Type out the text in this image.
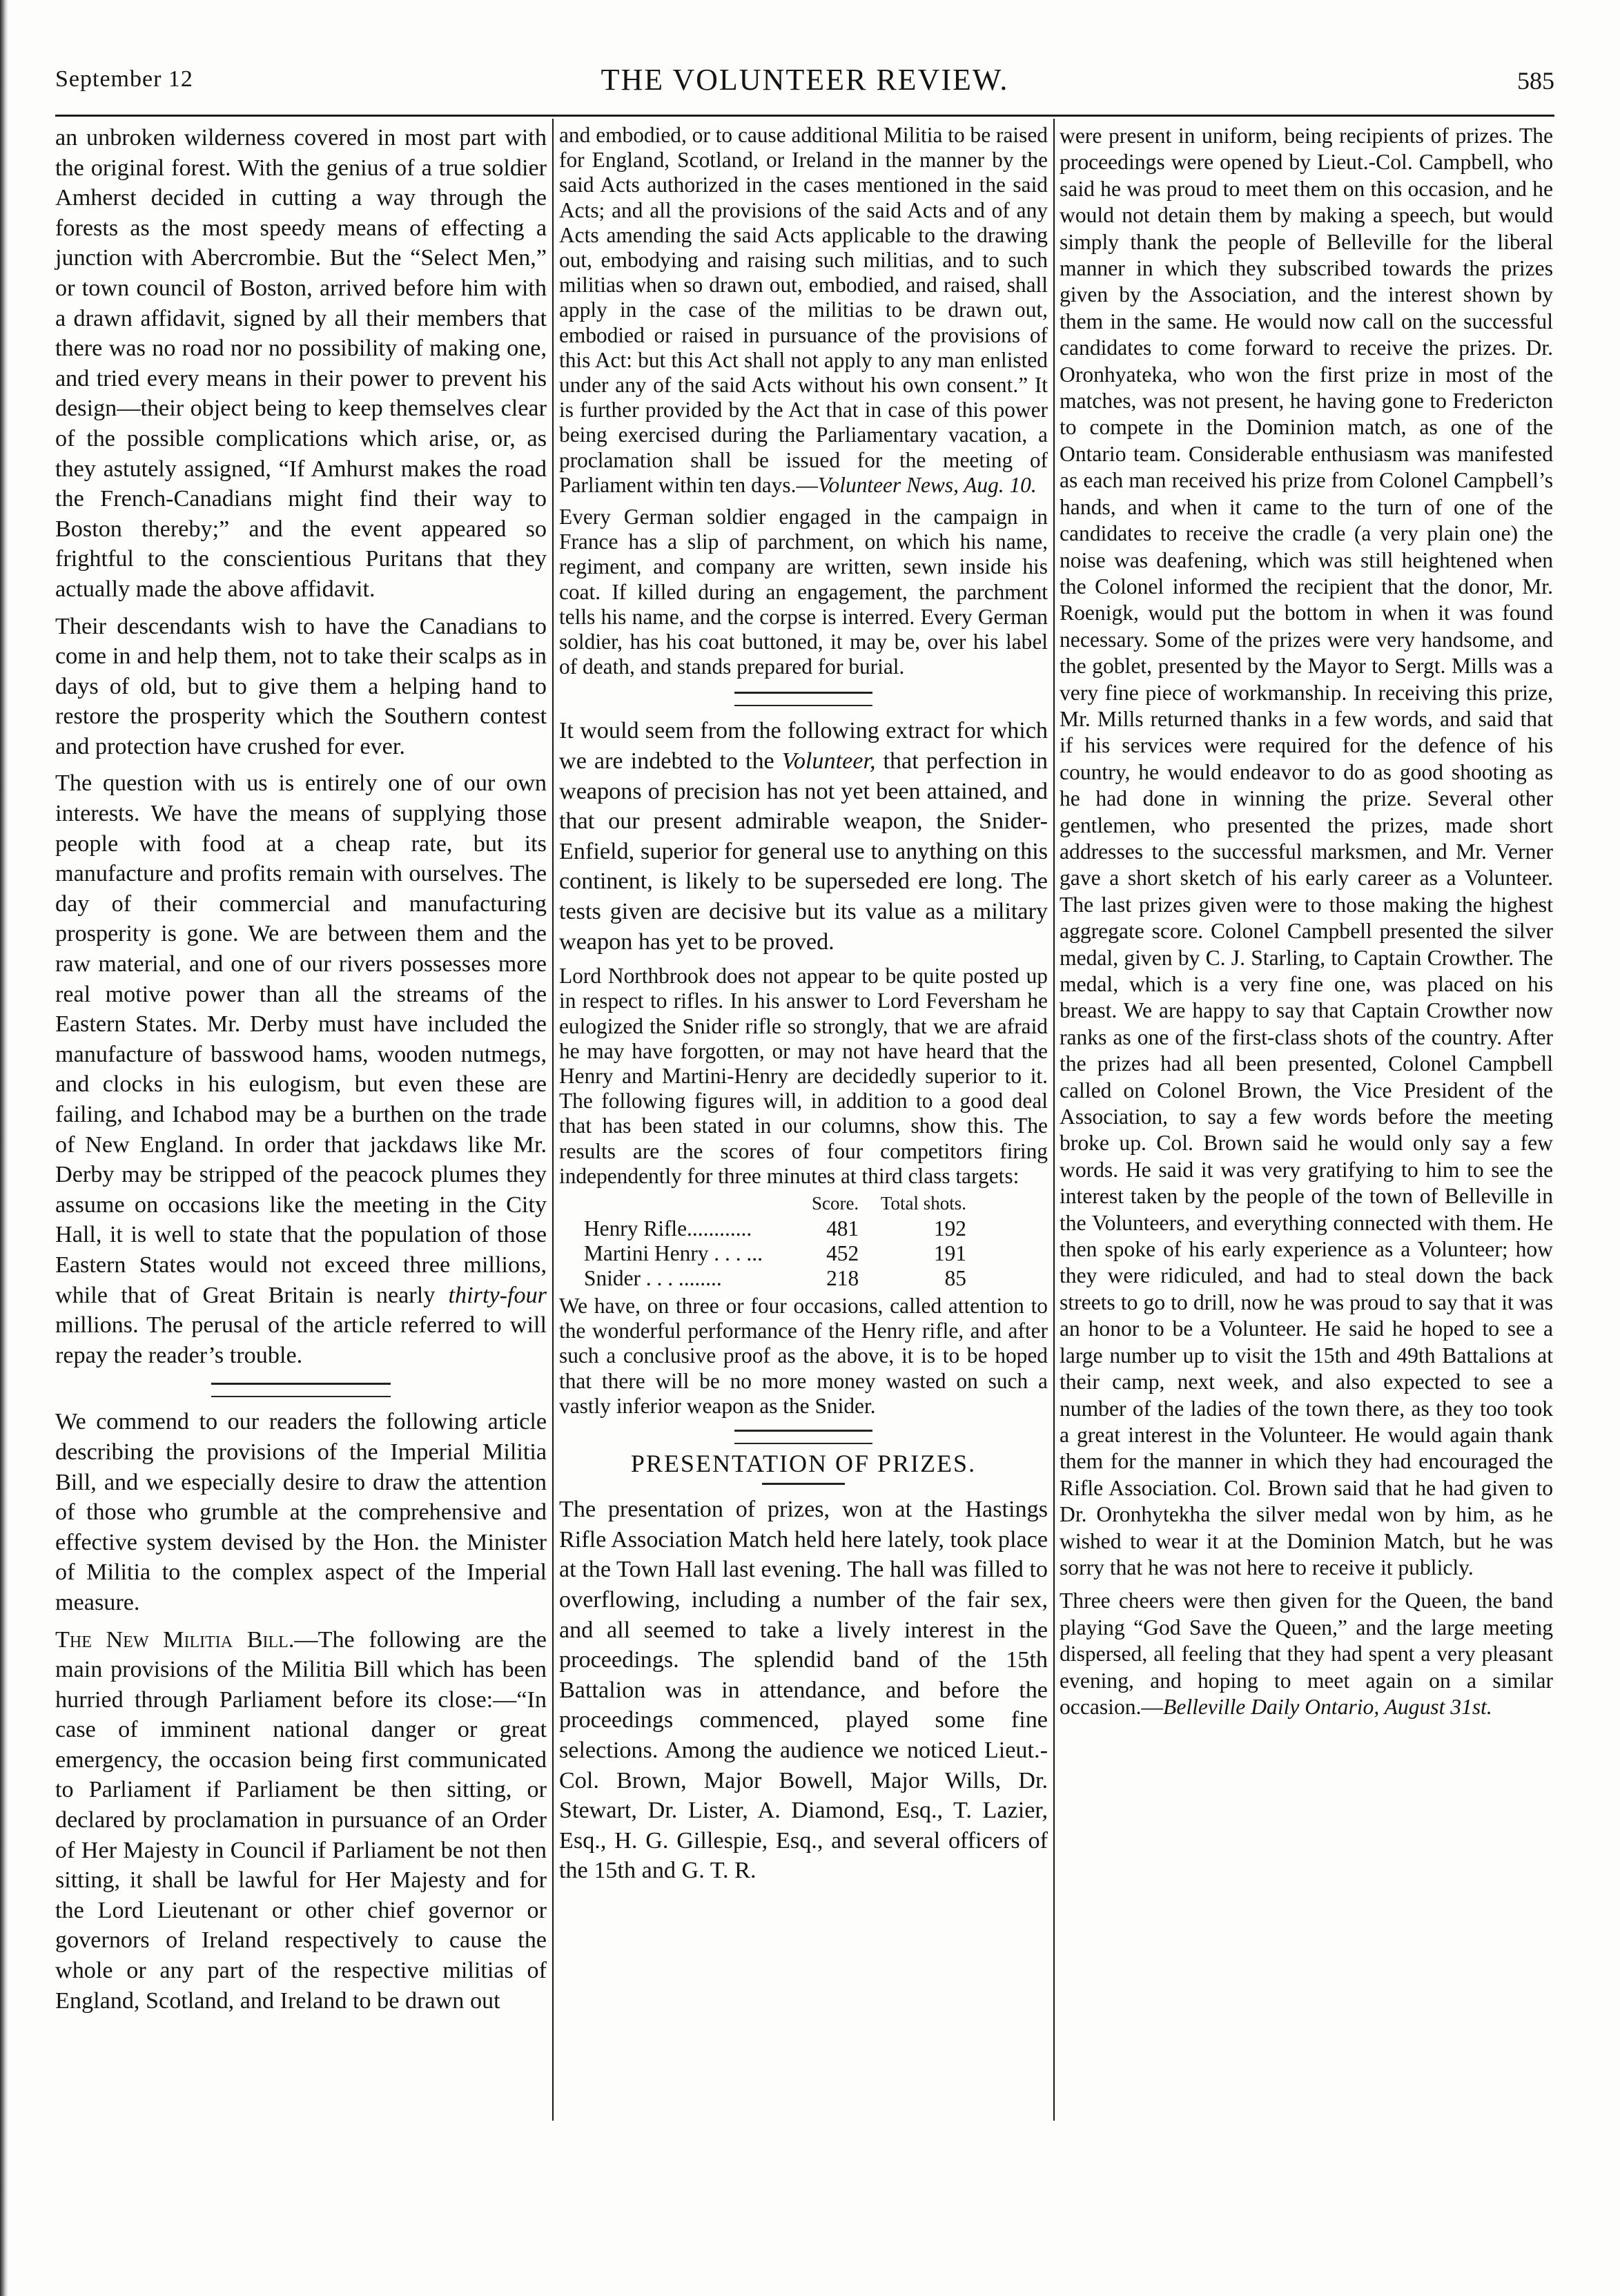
September 12	THE VOLUNTEER REVIEW.	585

an unbroken wilderness covered in most part with the original forest. With the genius of a true soldier Amherst decided in cutting a way through the forests as the most speedy means of effecting a junction with Abercrombie. But the “Select Men,” or town council of Boston, arrived before him with a drawn affidavit, signed by all their members that there was no road nor no possibility of making one, and tried every means in their power to prevent his design—their object being to keep themselves clear of the possible complications which arise, or, as they astutely assigned, “If Amhurst makes the road the French-Canadians might find their way to Boston thereby;” and the event appeared so frightful to the conscientious Puritans that they actually made the above affidavit.

Their descendants wish to have the Canadians to come in and help them, not to take their scalps as in days of old, but to give them a helping hand to restore the prosperity which the Southern contest and protection have crushed for ever.

The question with us is entirely one of our own interests. We have the means of supplying those people with food at a cheap rate, but its manufacture and profits remain with ourselves. The day of their commercial and manufacturing prosperity is gone. We are between them and the raw material, and one of our rivers possesses more real motive power than all the streams of the Eastern States. Mr. Derby must have included the manufacture of basswood hams, wooden nutmegs, and clocks in his eulogism, but even these are failing, and Ichabod may be a burthen on the trade of New England. In order that jackdaws like Mr. Derby may be stripped of the peacock plumes they assume on occasions like the meeting in the City Hall, it is well to state that the population of those Eastern States would not exceed three millions, while that of Great Britain is nearly thirty-four millions. The perusal of the article referred to will repay the reader’s trouble.

We commend to our readers the following article describing the provisions of the Imperial Militia Bill, and we especially desire to draw the attention of those who grumble at the comprehensive and effective system devised by the Hon. the Minister of Militia to the complex aspect of the Imperial measure.

The New Militia Bill.—The following are the main provisions of the Militia Bill which has been hurried through Parliament before its close:—“In case of imminent national danger or great emergency, the occasion being first communicated to Parliament if Parliament be then sitting, or declared by proclamation in pursuance of an Order of Her Majesty in Council if Parliament be not then sitting, it shall be lawful for Her Majesty and for the Lord Lieutenant or other chief governor or governors of Ireland respectively to cause the whole or any part of the respective militias of England, Scotland, and Ireland to be drawn out

and embodied, or to cause additional Militia to be raised for England, Scotland, or Ireland in the manner by the said Acts authorized in the cases mentioned in the said Acts; and all the provisions of the said Acts and of any Acts amending the said Acts applicable to the drawing out, embodying and raising such militias, and to such militias when so drawn out, embodied, and raised, shall apply in the case of the militias to be drawn out, embodied or raised in pursuance of the provisions of this Act: but this Act shall not apply to any man enlisted under any of the said Acts without his own consent.” It is further provided by the Act that in case of this power being exercised during the Parliamentary vacation, a proclamation shall be issued for the meeting of Parliament within ten days.—Volunteer News, Aug. 10.

Every German soldier engaged in the campaign in France has a slip of parchment, on which his name, regiment, and company are written, sewn inside his coat. If killed during an engagement, the parchment tells his name, and the corpse is interred. Every German soldier, has his coat buttoned, it may be, over his label of death, and stands prepared for burial.

It would seem from the following extract for which we are indebted to the Volunteer, that perfection in weapons of precision has not yet been attained, and that our present admirable weapon, the Snider-Enfield, superior for general use to anything on this continent, is likely to be superseded ere long. The tests given are decisive but its value as a military weapon has yet to be proved.

Lord Northbrook does not appear to be quite posted up in respect to rifles. In his answer to Lord Feversham he eulogized the Snider rifle so strongly, that we are afraid he may have forgotten, or may not have heard that the Henry and Martini-Henry are decidedly superior to it. The following figures will, in addition to a good deal that has been stated in our columns, show this. The results are the scores of four competitors firing independently for three minutes at third class targets:

	Score.	Total shots.
Henry Rifle............	481	192
Martini Henry . . . ...	452	191
Snider . . . ........	218	85

We have, on three or four occasions, called attention to the wonderful performance of the Henry rifle, and after such a conclusive proof as the above, it is to be hoped that there will be no more money wasted on such a vastly inferior weapon as the Snider.

PRESENTATION OF PRIZES.

The presentation of prizes, won at the Hastings Rifle Association Match held here lately, took place at the Town Hall last evening. The hall was filled to overflowing, including a number of the fair sex, and all seemed to take a lively interest in the proceedings. The splendid band of the 15th Battalion was in attendance, and before the proceedings commenced, played some fine selections. Among the audience we noticed Lieut.-Col. Brown, Major Bowell, Major Wills, Dr. Stewart, Dr. Lister, A. Diamond, Esq., T. Lazier, Esq., H. G. Gillespie, Esq., and several officers of the 15th and G. T. R.

were present in uniform, being recipients of prizes. The proceedings were opened by Lieut.-Col. Campbell, who said he was proud to meet them on this occasion, and he would not detain them by making a speech, but would simply thank the people of Belleville for the liberal manner in which they subscribed towards the prizes given by the Association, and the interest shown by them in the same. He would now call on the successful candidates to come forward to receive the prizes. Dr. Oronhyateka, who won the first prize in most of the matches, was not present, he having gone to Fredericton to compete in the Dominion match, as one of the Ontario team. Considerable enthusiasm was manifested as each man received his prize from Colonel Campbell’s hands, and when it came to the turn of one of the candidates to receive the cradle (a very plain one) the noise was deafening, which was still heightened when the Colonel informed the recipient that the donor, Mr. Roenigk, would put the bottom in when it was found necessary. Some of the prizes were very handsome, and the goblet, presented by the Mayor to Sergt. Mills was a very fine piece of workmanship. In receiving this prize, Mr. Mills returned thanks in a few words, and said that if his services were required for the defence of his country, he would endeavor to do as good shooting as he had done in winning the prize. Several other gentlemen, who presented the prizes, made short addresses to the successful marksmen, and Mr. Verner gave a short sketch of his early career as a Volunteer. The last prizes given were to those making the highest aggregate score. Colonel Campbell presented the silver medal, given by C. J. Starling, to Captain Crowther. The medal, which is a very fine one, was placed on his breast. We are happy to say that Captain Crowther now ranks as one of the first-class shots of the country. After the prizes had all been presented, Colonel Campbell called on Colonel Brown, the Vice President of the Association, to say a few words before the meeting broke up. Col. Brown said he would only say a few words. He said it was very gratifying to him to see the interest taken by the people of the town of Belleville in the Volunteers, and everything connected with them. He then spoke of his early experience as a Volunteer; how they were ridiculed, and had to steal down the back streets to go to drill, now he was proud to say that it was an honor to be a Volunteer. He said he hoped to see a large number up to visit the 15th and 49th Battalions at their camp, next week, and also expected to see a number of the ladies of the town there, as they too took a great interest in the Volunteer. He would again thank them for the manner in which they had encouraged the Rifle Association. Col. Brown said that he had given to Dr. Oronhytekha the silver medal won by him, as he wished to wear it at the Dominion Match, but he was sorry that he was not here to receive it publicly.

Three cheers were then given for the Queen, the band playing “God Save the Queen,” and the large meeting dispersed, all feeling that they had spent a very pleasant evening, and hoping to meet again on a similar occasion.—Belleville Daily Ontario, August 31st.
